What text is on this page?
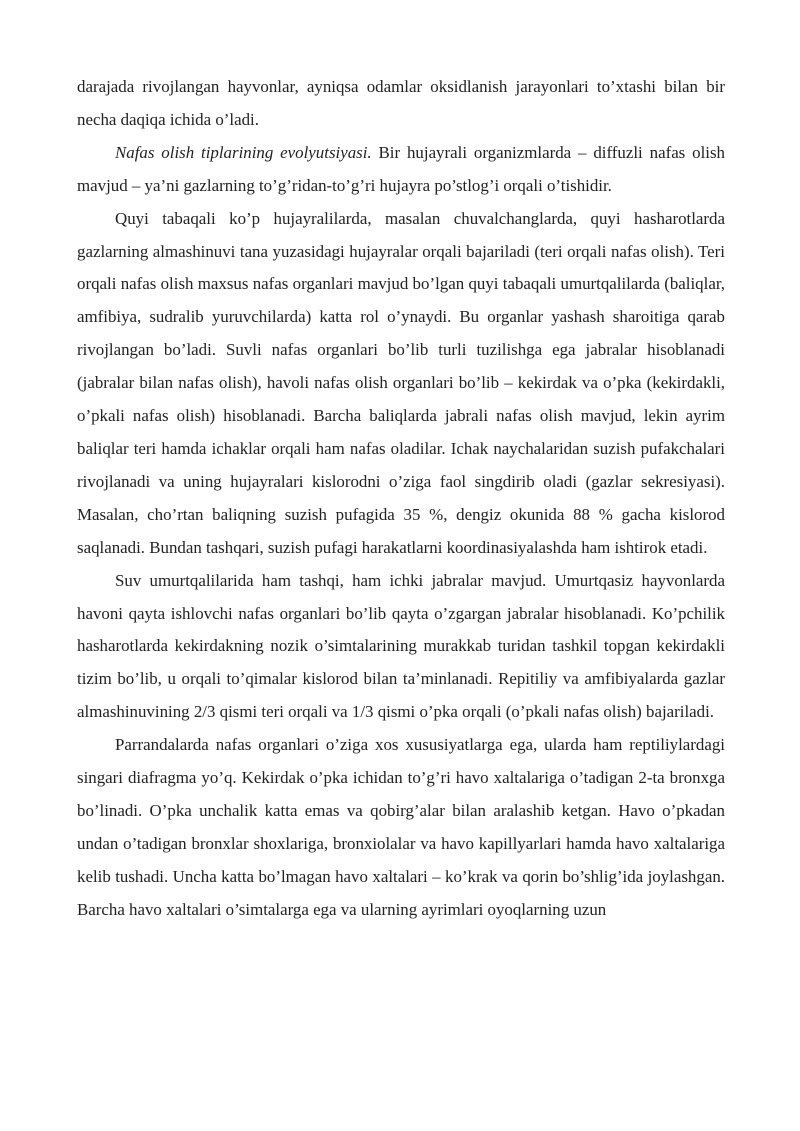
darajada rivojlangan hayvonlar, ayniqsa odamlar oksidlanish jarayonlari to’xtashi bilan bir necha daqiqa ichida o’ladi.

Nafas olish tiplarining evolyutsiyasi. Bir hujayrali organizmlarda – diffuzli nafas olish mavjud – ya’ni gazlarning to’g’ridan-to’g’ri hujayra po’stlog’i orqali o’tishidir.

Quyi tabaqali ko’p hujayralilarda, masalan chuvalchanglarda, quyi hasharotlarda gazlarning almashinuvi tana yuzasidagi hujayralar orqali bajariladi (teri orqali nafas olish). Teri orqali nafas olish maxsus nafas organlari mavjud bo’lgan quyi tabaqali umurtqalilarda (baliqlar, amfibiya, sudralib yuruvchilarda) katta rol o’ynaydi. Bu organlar yashash sharoitiga qarab rivojlangan bo’ladi. Suvli nafas organlari bo’lib turli tuzilishga ega jabralar hisoblanadi (jabralar bilan nafas olish), havoli nafas olish organlari bo’lib – kekirdak va o’pka (kekirdakli, o’pkali nafas olish) hisoblanadi. Barcha baliqlarda jabrali nafas olish mavjud, lekin ayrim baliqlar teri hamda ichaklar orqali ham nafas oladilar. Ichak naychalaridan suzish pufakchalari rivojlanadi va uning hujayralari kislorodni o’ziga faol singdirib oladi (gazlar sekresiyasi). Masalan, cho’rtan baliqning suzish pufagida 35 %, dengiz okunida 88 % gacha kislorod saqlanadi. Bundan tashqari, suzish pufagi harakatlarni koordinasiyalashda ham ishtirok etadi.

Suv umurtqalilarida ham tashqi, ham ichki jabralar mavjud. Umurtqasiz hayvonlarda havoni qayta ishlovchi nafas organlari bo’lib qayta o’zgargan jabralar hisoblanadi. Ko’pchilik hasharotlarda kekirdakning nozik o’simtalarining murakkab turidan tashkil topgan kekirdakli tizim bo’lib, u orqali to’qimalar kislorod bilan ta’minlanadi. Repitiliy va amfibiyalarda gazlar almashinuvining 2/3 qismi teri orqali va 1/3 qismi o’pka orqali (o’pkali nafas olish) bajariladi.

Parrandalarda nafas organlari o’ziga xos xususiyatlarga ega, ularda ham reptiliylardagi singari diafragma yo’q. Kekirdak o’pka ichidan to’g’ri havo xaltalariga o’tadigan 2-ta bronxga bo’linadi. O’pka unchalik katta emas va qobirg’alar bilan aralashib ketgan. Havo o’pkadan undan o’tadigan bronxlar shoxlariga, bronxiolalar va havo kapillyarlari hamda havo xaltalariga kelib tushadi. Uncha katta bo’lmagan havo xaltalari – ko’krak va qorin bo’shlig’ida joylashgan. Barcha havo xaltalari o’simtalarga ega va ularning ayrimlari oyoqlarning uzun
